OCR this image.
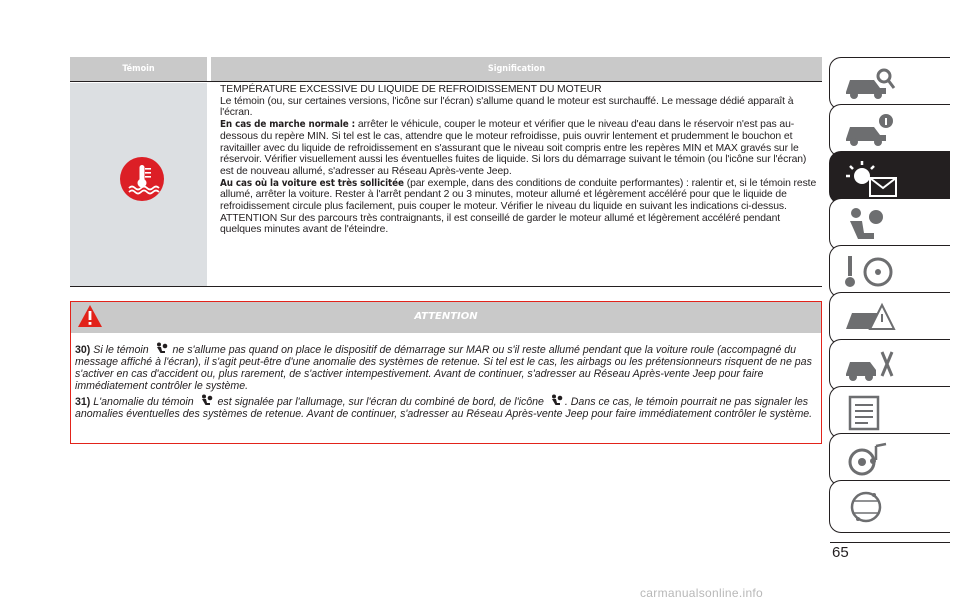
Témoin	Signification

TEMPÉRATURE EXCESSIVE DU LIQUIDE DE REFROIDISSEMENT DU MOTEUR

Le témoin (ou, sur certaines versions, l'icône sur l'écran) s'allume quand le moteur est surchauffé. Le message dédié apparaît à l'écran.

En cas de marche normale : arrêter le véhicule, couper le moteur et vérifier que le niveau d'eau dans le réservoir n'est pas au-dessous du repère MIN. Si tel est le cas, attendre que le moteur refroidisse, puis ouvrir lentement et prudemment le bouchon et ravitailler avec du liquide de refroidissement en s'assurant que le niveau soit compris entre les repères MIN et MAX gravés sur le réservoir. Vérifier visuellement aussi les éventuelles fuites de liquide. Si lors du démarrage suivant le témoin (ou l'icône sur l'écran) est de nouveau allumé, s'adresser au Réseau Après-vente Jeep.

Au cas où la voiture est très sollicitée (par exemple, dans des conditions de conduite performantes) : ralentir et, si le témoin reste allumé, arrêter la voiture. Rester à l'arrêt pendant 2 ou 3 minutes, moteur allumé et légèrement accéléré pour que le liquide de refroidissement circule plus facilement, puis couper le moteur. Vérifier le niveau du liquide en suivant les indications ci-dessus.

ATTENTION Sur des parcours très contraignants, il est conseillé de garder le moteur allumé et légèrement accéléré pendant quelques minutes avant de l'éteindre.

ATTENTION

30) Si le témoin  ne s'allume pas quand on place le dispositif de démarrage sur MAR ou s'il reste allumé pendant que la voiture roule (accompagné du message affiché à l'écran), il s'agit peut-être d'une anomalie des systèmes de retenue. Si tel est le cas, les airbags ou les prétensionneurs risquent de ne pas s'activer en cas d'accident ou, plus rarement, de s'activer intempestivement. Avant de continuer, s'adresser au Réseau Après-vente Jeep pour faire immédiatement contrôler le système.

31) L'anomalie du témoin  est signalée par l'allumage, sur l'écran du combiné de bord, de l'icône . Dans ce cas, le témoin pourrait ne pas signaler les anomalies éventuelles des systèmes de retenue. Avant de continuer, s'adresser au Réseau Après-vente Jeep pour faire immédiatement contrôler le système.

65
carmanualsonline.info
